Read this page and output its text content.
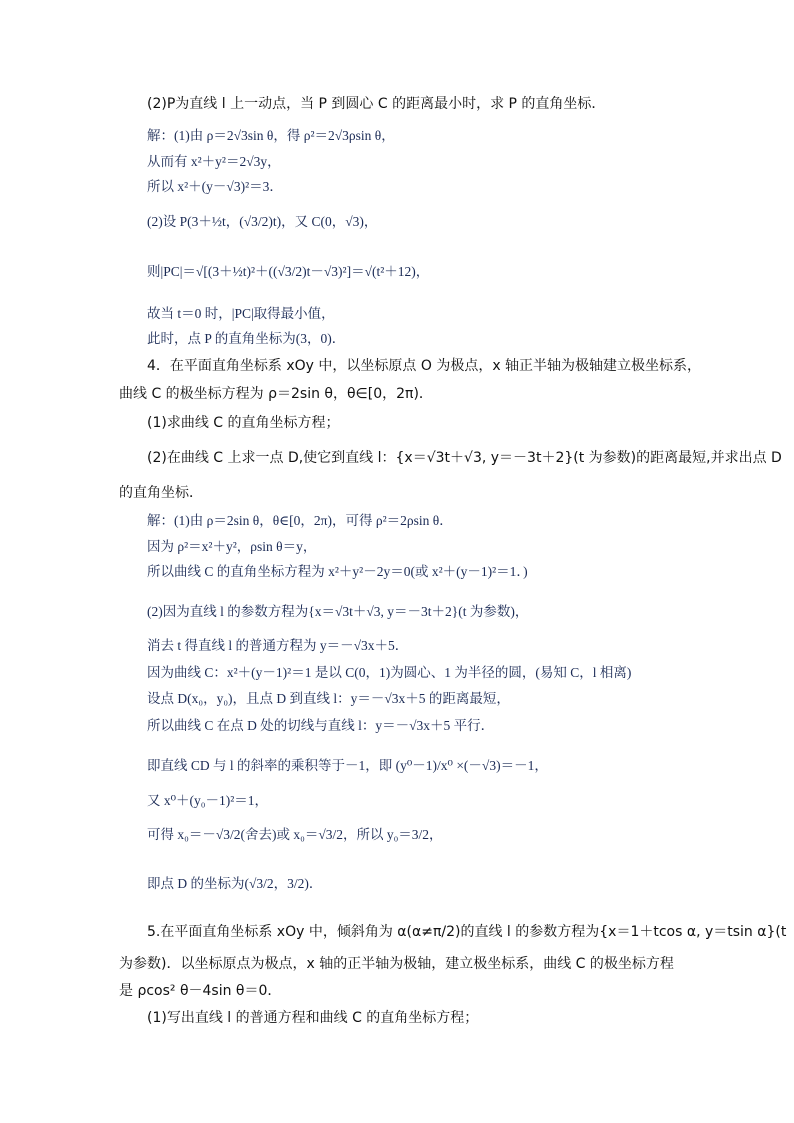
(2)P为直线 l 上一动点，当 P 到圆心 C 的距离最小时，求 P 的直角坐标．
解：(1)由 ρ＝2√3sin θ，得 ρ²＝2√3ρsin θ，
从而有 x²＋y²＝2√3y，
所以 x²＋(y－√3)²＝3．
(2)设 P(3＋½t，(√3/2)t)，又 C(0，√3)，
则|PC|＝√[(3＋½t)²＋((√3/2)t－√3)²]＝√(t²＋12)，
故当 t＝0 时，|PC|取得最小值，
此时，点 P 的直角坐标为(3，0)．
4．在平面直角坐标系 xOy 中，以坐标原点 O 为极点，x 轴正半轴为极轴建立极坐标系，
曲线 C 的极坐标方程为 ρ＝2sin θ，θ∈[0，2π)．
(1)求曲线 C 的直角坐标方程；
(2)在曲线 C 上求一点 D,使它到直线 l：{x＝√3t＋√3, y＝－3t＋2}(t 为参数)的距离最短,并求出点 D
的直角坐标．
解：(1)由 ρ＝2sin θ，θ∈[0，2π)，可得 ρ²＝2ρsin θ．
因为 ρ²＝x²＋y²，ρsin θ＝y，
所以曲线 C 的直角坐标方程为 x²＋y²－2y＝0(或 x²＋(y－1)²＝1．)
(2)因为直线 l 的参数方程为{x＝√3t＋√3, y＝－3t＋2}(t 为参数)，
消去 t 得直线 l 的普通方程为 y＝－√3x＋5．
因为曲线 C：x²＋(y－1)²＝1 是以 C(0，1)为圆心、1 为半径的圆，(易知 C，l 相离)
设点 D(x₀，y₀)，且点 D 到直线 l：y＝－√3x＋5 的距离最短，
所以曲线 C 在点 D 处的切线与直线 l：y＝－√3x＋5 平行．
即直线 CD 与 l 的斜率的乘积等于－1，即 (y⁰－1)/x⁰ ×(－√3)＝－1，
又 x⁰＋(y₀－1)²＝1，
可得 x₀＝－√3/2(舍去)或 x₀＝√3/2，所以 y₀＝3/2，
即点 D 的坐标为(√3/2，3/2)．
5.在平面直角坐标系 xOy 中，倾斜角为 α(α≠π/2)的直线 l 的参数方程为{x＝1＋tcos α, y＝tsin α}(t
为参数)．以坐标原点为极点，x 轴的正半轴为极轴，建立极坐标系，曲线 C 的极坐标方程
是 ρcos² θ－4sin θ＝0．
(1)写出直线 l 的普通方程和曲线 C 的直角坐标方程；
